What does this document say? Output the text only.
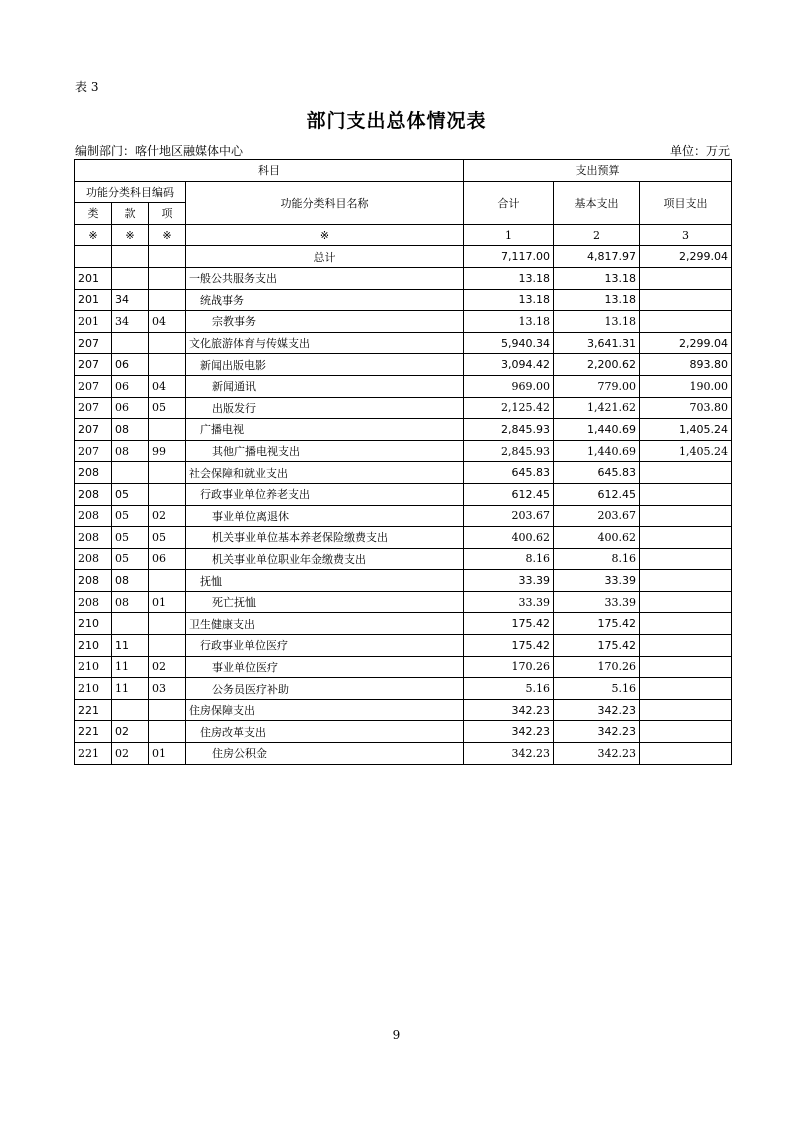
表 3
部门支出总体情况表
编制部门：喀什地区融媒体中心	单位：万元
科目				支出预算		
功能分类科目编码			功能分类科目名称	合计	基本支出	项目支出
类	款	项				
※	※	※	※	1	2	3
			总计	7,117.00	4,817.97	2,299.04
201			一般公共服务支出	13.18	13.18	
201	34		统战事务	13.18	13.18	
201	34	04	宗教事务	13.18	13.18	
207			文化旅游体育与传媒支出	5,940.34	3,641.31	2,299.04
207	06		新闻出版电影	3,094.42	2,200.62	893.80
207	06	04	新闻通讯	969.00	779.00	190.00
207	06	05	出版发行	2,125.42	1,421.62	703.80
207	08		广播电视	2,845.93	1,440.69	1,405.24
207	08	99	其他广播电视支出	2,845.93	1,440.69	1,405.24
208			社会保障和就业支出	645.83	645.83	
208	05		行政事业单位养老支出	612.45	612.45	
208	05	02	事业单位离退休	203.67	203.67	
208	05	05	机关事业单位基本养老保险缴费支出	400.62	400.62	
208	05	06	机关事业单位职业年金缴费支出	8.16	8.16	
208	08		抚恤	33.39	33.39	
208	08	01	死亡抚恤	33.39	33.39	
210			卫生健康支出	175.42	175.42	
210	11		行政事业单位医疗	175.42	175.42	
210	11	02	事业单位医疗	170.26	170.26	
210	11	03	公务员医疗补助	5.16	5.16	
221			住房保障支出	342.23	342.23	
221	02		住房改革支出	342.23	342.23	
221	02	01	住房公积金	342.23	342.23	
9
